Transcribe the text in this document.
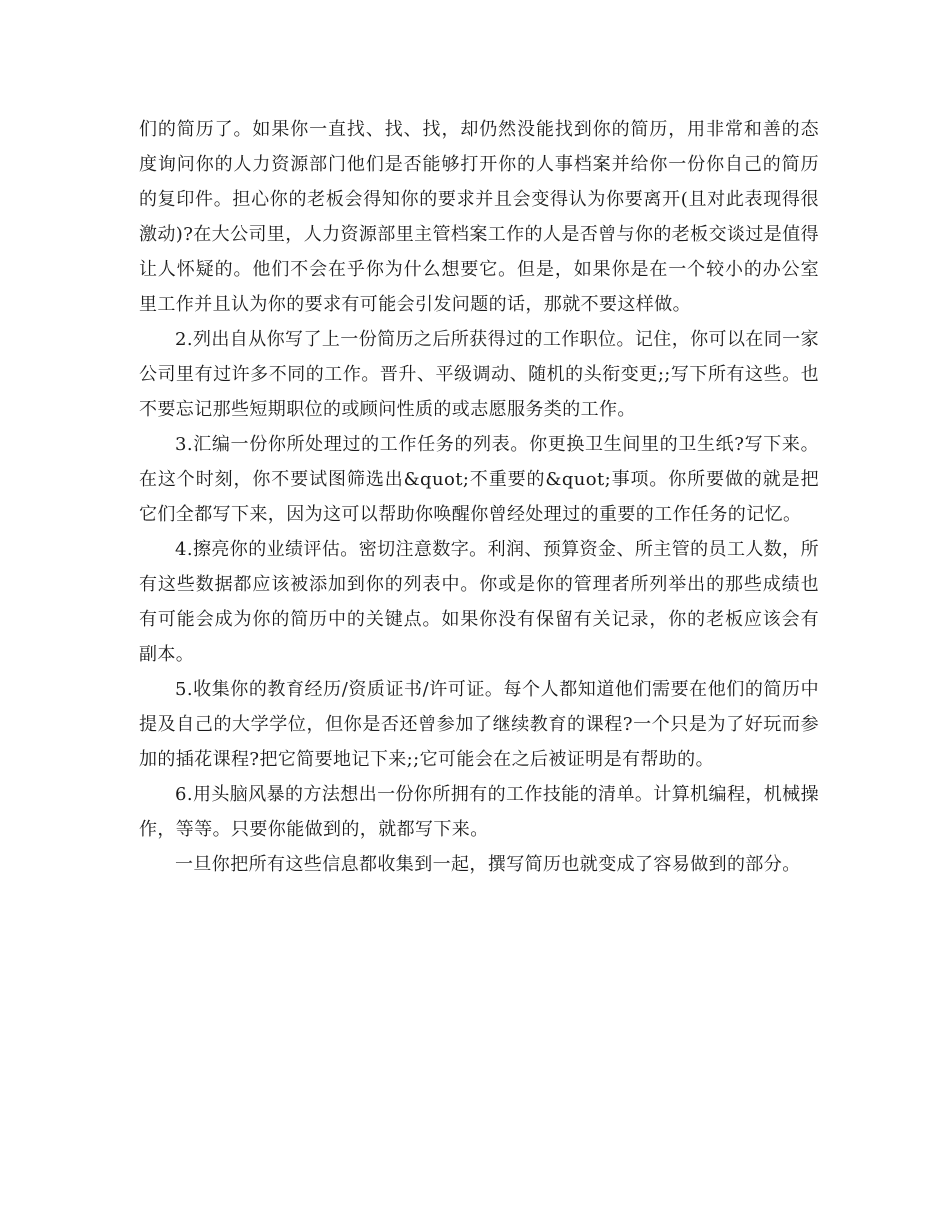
们的简历了。如果你一直找、找、找，却仍然没能找到你的简历，用非常和善的态度询问你的人力资源部门他们是否能够打开你的人事档案并给你一份你自己的简历的复印件。担心你的老板会得知你的要求并且会变得认为你要离开(且对此表现得很激动)?在大公司里，人力资源部里主管档案工作的人是否曾与你的老板交谈过是值得让人怀疑的。他们不会在乎你为什么想要它。但是，如果你是在一个较小的办公室里工作并且认为你的要求有可能会引发问题的话，那就不要这样做。

2.列出自从你写了上一份简历之后所获得过的工作职位。记住，你可以在同一家公司里有过许多不同的工作。晋升、平级调动、随机的头衔变更;;写下所有这些。也不要忘记那些短期职位的或顾问性质的或志愿服务类的工作。

3.汇编一份你所处理过的工作任务的列表。你更换卫生间里的卫生纸?写下来。在这个时刻，你不要试图筛选出&quot;不重要的&quot;事项。你所要做的就是把它们全都写下来，因为这可以帮助你唤醒你曾经处理过的重要的工作任务的记忆。

4.擦亮你的业绩评估。密切注意数字。利润、预算资金、所主管的员工人数，所有这些数据都应该被添加到你的列表中。你或是你的管理者所列举出的那些成绩也有可能会成为你的简历中的关键点。如果你没有保留有关记录，你的老板应该会有副本。

5.收集你的教育经历/资质证书/许可证。每个人都知道他们需要在他们的简历中提及自己的大学学位，但你是否还曾参加了继续教育的课程?一个只是为了好玩而参加的插花课程?把它简要地记下来;;它可能会在之后被证明是有帮助的。

6.用头脑风暴的方法想出一份你所拥有的工作技能的清单。计算机编程，机械操作，等等。只要你能做到的，就都写下来。

一旦你把所有这些信息都收集到一起，撰写简历也就变成了容易做到的部分。
